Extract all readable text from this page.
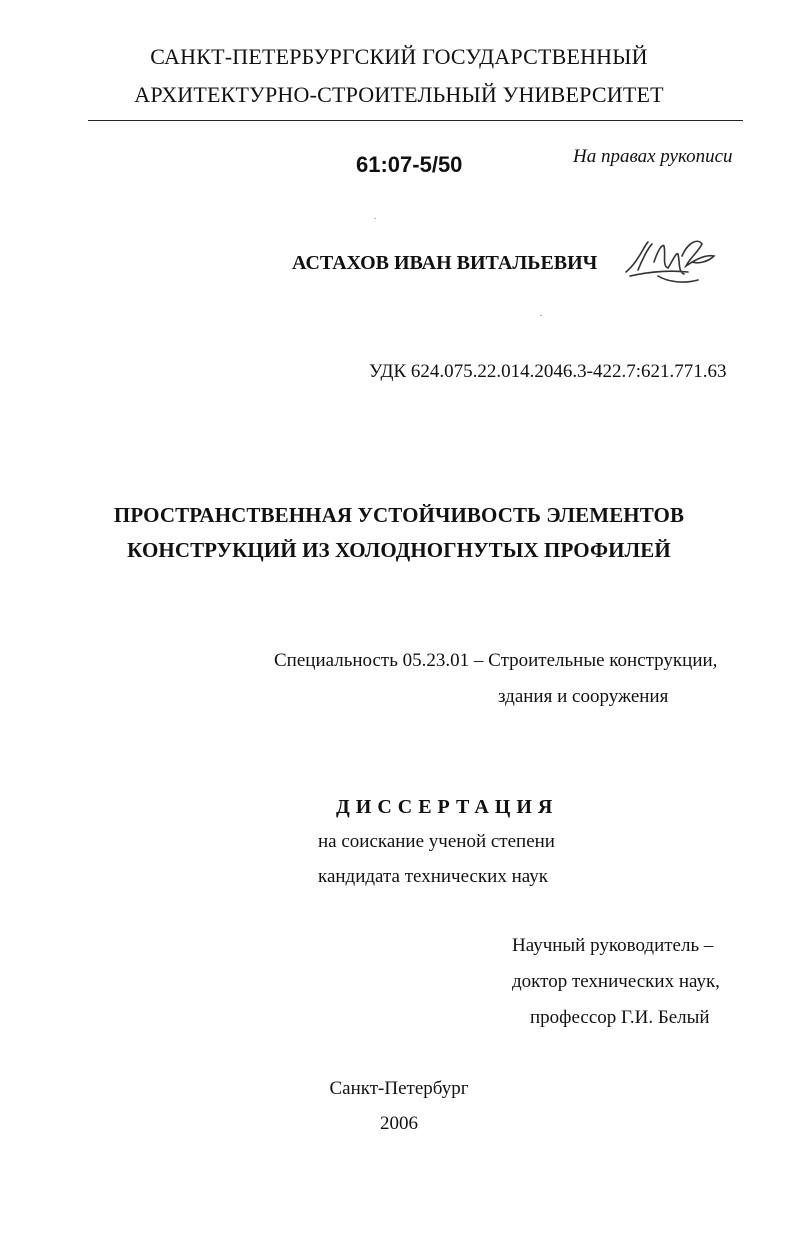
САНКТ-ПЕТЕРБУРГСКИЙ ГОСУДАРСТВЕННЫЙ
АРХИТЕКТУРНО-СТРОИТЕЛЬНЫЙ УНИВЕРСИТЕТ
61:07-5/50	На правах рукописи
АСТАХОВ ИВАН ВИТАЛЬЕВИЧ
УДК 624.075.22.014.2046.3-422.7:621.771.63
ПРОСТРАНСТВЕННАЯ УСТОЙЧИВОСТЬ ЭЛЕМЕНТОВ
КОНСТРУКЦИЙ ИЗ ХОЛОДНОГНУТЫХ ПРОФИЛЕЙ
Специальность 05.23.01 – Строительные конструкции,
здания и сооружения
ДИССЕРТАЦИЯ
на соискание ученой степени
кандидата технических наук
Научный руководитель –
доктор технических наук,
профессор Г.И. Белый
Санкт-Петербург
2006
